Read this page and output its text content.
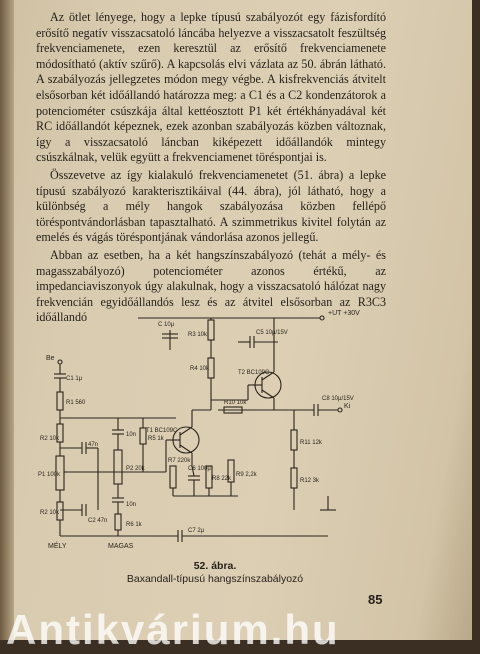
Az ötlet lényege, hogy a lepke típusú szabályozót egy fázisfordító erősítő negatív visszacsatoló láncába helyezve a visszacsatolt feszültség frekvenciamenete, ezen keresztül az erősítő frekvenciamenete módosítható (aktív szűrő). A kapcsolás elvi vázlata az 50. ábrán látható. A szabályozás jellegzetes módon megy végbe. A kisfrekvenciás átvitelt elsősorban két időállandó határozza meg: a C1 és a C2 kondenzátorok a potenciométer csúszkája által kettéosztott P1 két értékhányadával két RC időállandót képeznek, ezek azonban szabályozás közben változnak, így a visszacsatoló láncban kiképezett időállandók mintegy csúszkálnak, velük együtt a frekvenciamenet töréspontjai is.

Összevetve az így kialakuló frekvenciamenetet (51. ábra) a lepke típusú szabályozó karakterisztikáival (44. ábra), jól látható, hogy a különbség a mély hangok szabályozása közben fellépő töréspontvándorlásban tapasztalható. A szimmetrikus kivitel folytán az emelés és vágás töréspontjának vándorlása azonos jellegű.

Abban az esetben, ha a két hangszínszabályozó (tehát a mély- és magasszabályozó) potenciométer azonos értékű, az impedanciaviszonyok úgy alakulnak, hogy a visszacsatoló hálózat nagy frekvencián egyidőállandós lesz és az átvitel elsősorban az R3C3 időállandó	+UT +30V
C 10µ
R3 10k	C5 10µ/15V
R4 10k
T2 BC109C
R10 10k
C8 10µ/15V
Ki
Be
C1 1µ
R1 560
R2 10k
P1 100k
R2 10k
MÉLY
47n
C2 47n
10n
P2 20k
10n
R6 1k
MAGAS
R5 1k
C7 2µ
T1 BC109C
R7 220k
R8 22k
C6 100µ
R9 2,2k
R11 12k
R12 3k
52. ábra.
Baxandall-típusú hangszínszabályozó
85
Antikvárium.hu
